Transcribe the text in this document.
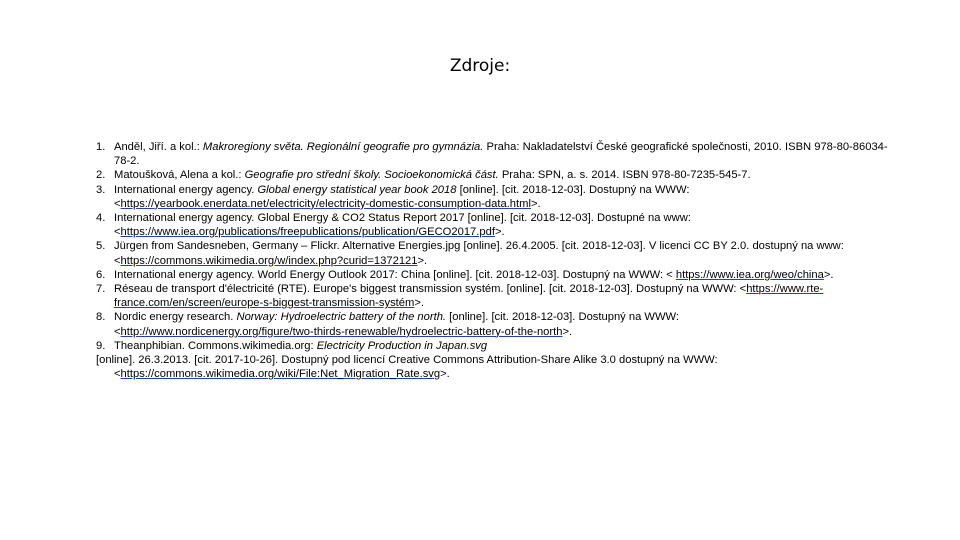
Zdroje:
1. Anděl, Jiří. a kol.: Makroregiony světa. Regionální geografie pro gymnázia. Praha: Nakladatelství České geografické společnosti, 2010. ISBN 978-80-86034-78-2.
2. Matoušková, Alena a kol.: Geografie pro střední školy. Socioekonomická část. Praha: SPN, a. s. 2014. ISBN 978-80-7235-545-7.
3. International energy agency. Global energy statistical year book 2018 [online]. [cit. 2018-12-03]. Dostupný na WWW:
<https://yearbook.enerdata.net/electricity/electricity-domestic-consumption-data.html>.
4. International energy agency. Global Energy & CO2 Status Report 2017 [online]. [cit. 2018-12-03]. Dostupné na www:
<https://www.iea.org/publications/freepublications/publication/GECO2017.pdf>.
5. Jürgen from Sandesneben, Germany – Flickr. Alternative Energies.jpg [online]. 26.4.2005. [cit. 2018-12-03]. V licenci CC BY 2.0. dostupný na www: <https://commons.wikimedia.org/w/index.php?curid=1372121>.
6. International energy agency. World Energy Outlook 2017: China [online]. [cit. 2018-12-03]. Dostupný na WWW: < https://www.iea.org/weo/china>.
7. Réseau de transport d'électricité (RTE). Europe's biggest transmission systém. [online]. [cit. 2018-12-03]. Dostupný na WWW: <https://www.rte-france.com/en/screen/europe-s-biggest-transmission-systém>.
8. Nordic energy research. Norway: Hydroelectric battery of the north. [online]. [cit. 2018-12-03]. Dostupný na WWW:
<http://www.nordicenergy.org/figure/two-thirds-renewable/hydroelectric-battery-of-the-north>.
9. Theanphibian. Commons.wikimedia.org: Electricity Production in Japan.svg
[online]. 26.3.2013. [cit. 2017-10-26]. Dostupný pod licencí Creative Commons Attribution-Share Alike 3.0 dostupný na WWW:
<https://commons.wikimedia.org/wiki/File:Net_Migration_Rate.svg>.
